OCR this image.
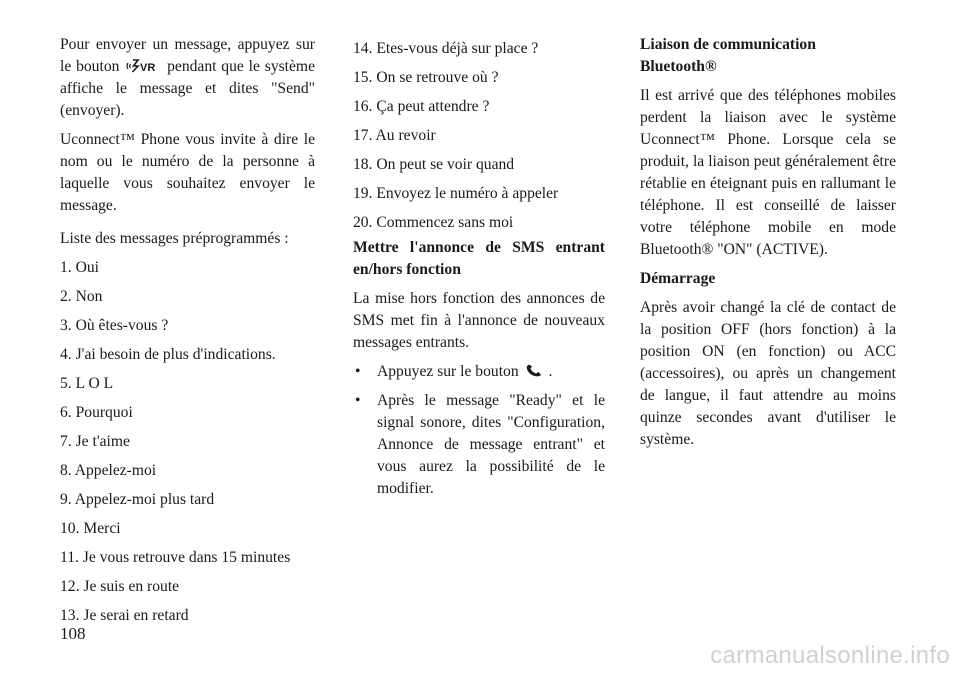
Pour envoyer un message, appuyez sur le bouton VR pendant que le système affiche le message et dites "Send" (envoyer).

Uconnect™ Phone vous invite à dire le nom ou le numéro de la personne à laquelle vous souhaitez envoyer le message.

Liste des messages préprogrammés :
1. Oui
2. Non
3. Où êtes-vous ?
4. J'ai besoin de plus d'indications.
5. L O L
6. Pourquoi
7. Je t'aime
8. Appelez-moi
9. Appelez-moi plus tard
10. Merci
11. Je vous retrouve dans 15 minutes
12. Je suis en route
13. Je serai en retard
14. Etes-vous déjà sur place ?
15. On se retrouve où ?
16. Ça peut attendre ?
17. Au revoir
18. On peut se voir quand
19. Envoyez le numéro à appeler
20. Commencez sans moi
Mettre l'annonce de SMS entrant en/hors fonction

La mise hors fonction des annonces de SMS met fin à l'annonce de nouveaux messages entrants.

• Appuyez sur le bouton .
• Après le message "Ready" et le signal sonore, dites "Configuration, Annonce de message entrant" et vous aurez la possibilité de le modifier.
Liaison de communication Bluetooth®

Il est arrivé que des téléphones mobiles perdent la liaison avec le système Uconnect™ Phone. Lorsque cela se produit, la liaison peut généralement être rétablie en éteignant puis en rallumant le téléphone. Il est conseillé de laisser votre téléphone mobile en mode Bluetooth® "ON" (ACTIVE).

Démarrage

Après avoir changé la clé de contact de la position OFF (hors fonction) à la position ON (en fonction) ou ACC (accessoires), ou après un changement de langue, il faut attendre au moins quinze secondes avant d'utiliser le système.

108
carmanualsonline.info
